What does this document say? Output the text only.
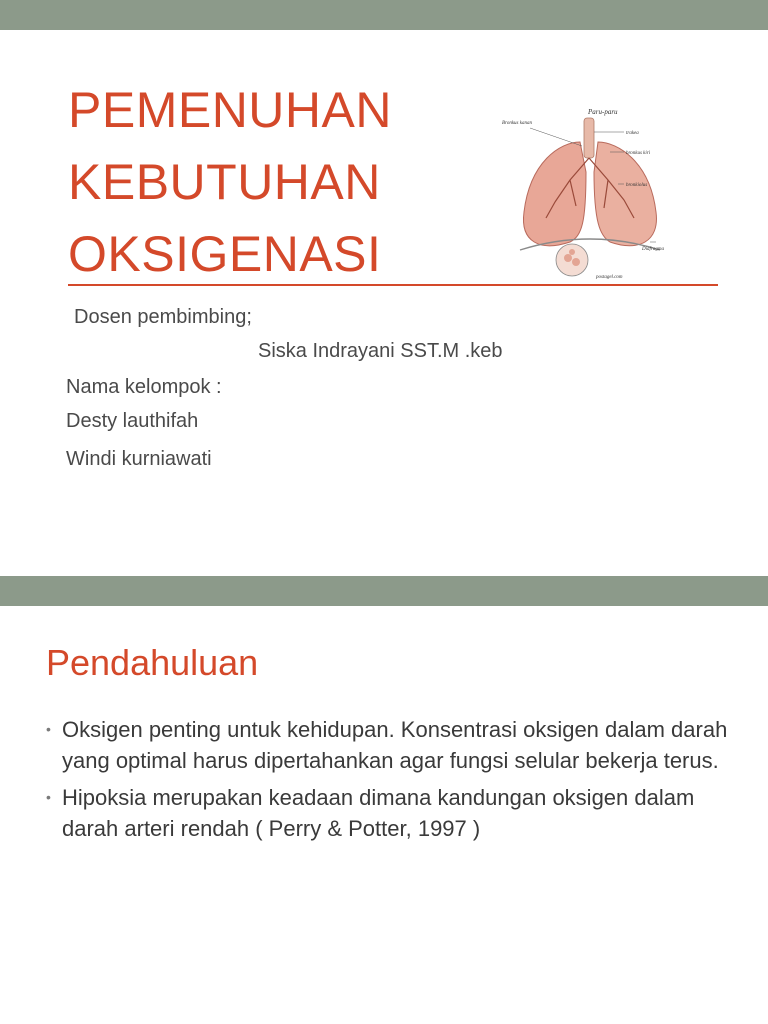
PEMENUHAN
KEBUTUHAN
OKSIGENASI
Paru-paru
Bronkus kanan
trakea
bronkus kiri
bronkiolus
Diafragma
postagel.com
Dosen pembimbing;
Siska Indrayani SST.M .keb
Nama kelompok :
Desty lauthifah
Windi kurniawati
Pendahuluan
• Oksigen penting untuk kehidupan. Konsentrasi oksigen dalam darah yang optimal harus dipertahankan agar fungsi selular bekerja terus.
• Hipoksia merupakan keadaan dimana kandungan oksigen dalam darah arteri rendah ( Perry & Potter, 1997 )
